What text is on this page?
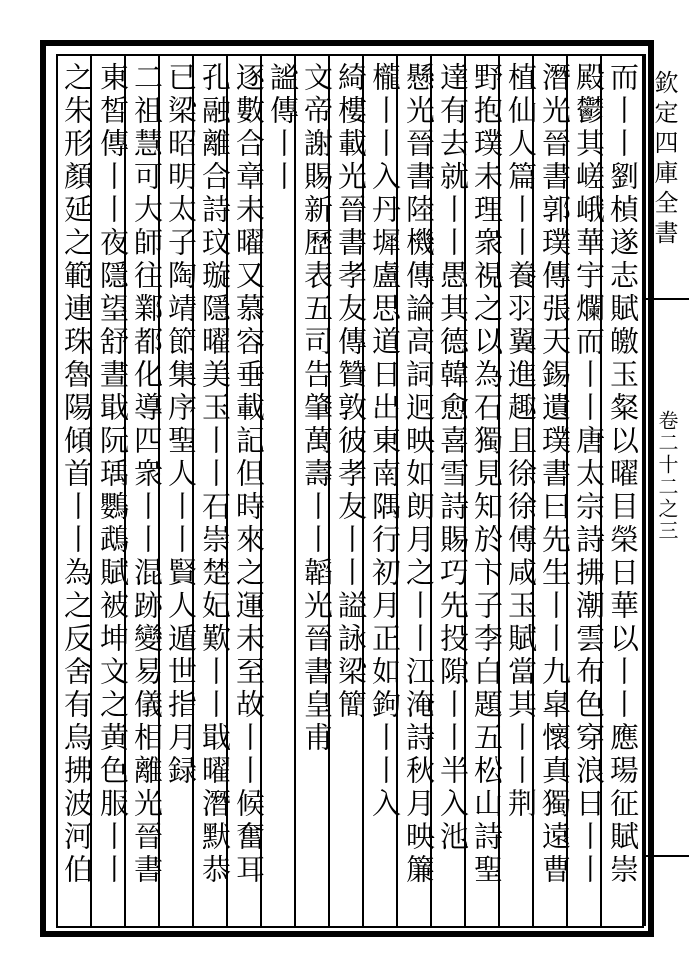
欽定四庫全書
卷二十二之三
而丨丨劉楨遂志賦皦玉粲以曜目榮日華以丨丨應瑒征賦崇
殿鬱其嵯峨華宇爛而丨丨唐太宗詩拂潮雲布色穿浪日丨丨
潛光晉書郭璞傳張天錫遺璞書曰先生丨丨九皐懷真獨遠曹
植仙人篇丨丨養羽翼進趣且徐徐傅咸玉賦當其丨丨荆
野抱璞未理衆視之以為石獨見知於卞子李白題五松山詩聖
達有去就丨丨愚其德韓愈喜雪詩賜巧先投隙丨丨半入池
懸光晉書陸機傳論高詞迥映如朗月之丨丨江淹詩秋月映簾
櫳丨丨入丹墀盧思道日出東南隅行初月正如鉤丨丨入
綺樓載光晉書孝友傳贊敦彼孝友丨丨謚詠梁簡
文帝謝賜新歷表五司告肇萬壽丨丨韜光晉書皇甫
謐傳丨丨
逐數合章未曜又慕容垂載記但時來之運未至故丨丨候奮耳
孔融離合詩玟璇隱曜美玉丨丨石崇楚妃歎丨丨戢曜潛默恭
已梁昭明太子陶靖節集序聖人丨丨賢人遁世指月録
二祖慧可大師往鄴都化導四衆丨丨混跡變易儀相離光晉書
東皙傳丨丨夜隱望舒晝戢阮瑀鸚鵡賦被坤文之黄色服丨丨
之朱形顏延之範連珠魯陽傾首丨丨為之反舍有烏拂波河伯
